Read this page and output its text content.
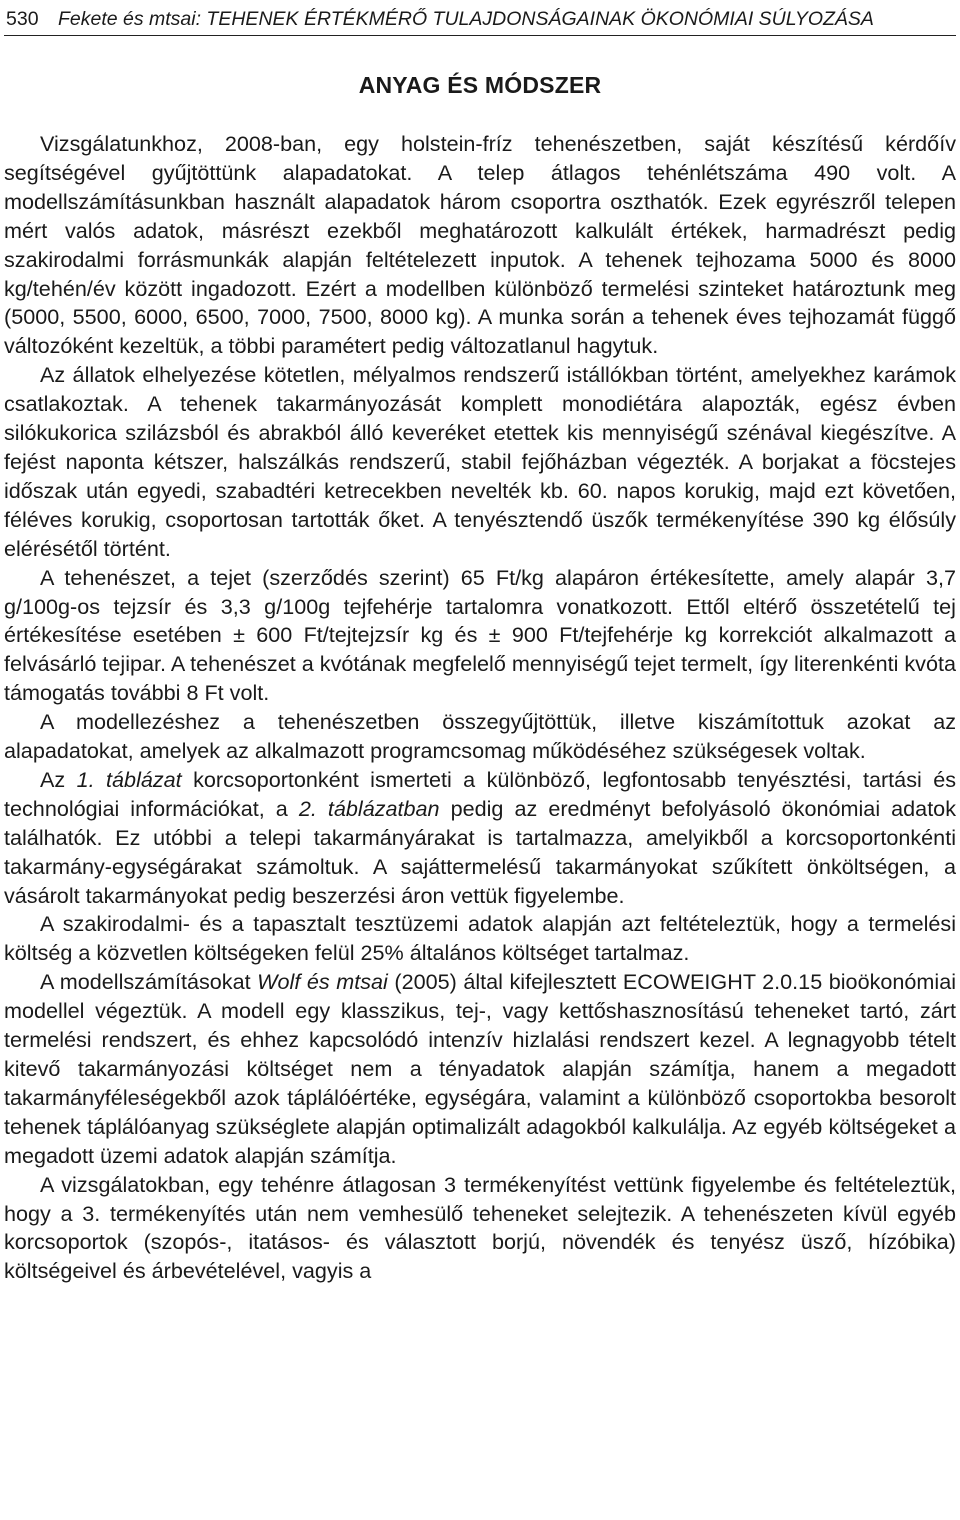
530 Fekete és mtsai: TEHENEK ÉRTÉKMÉRŐ TULAJDONSÁGAINAK ÖKONÓMIAI SÚLYOZÁSA
ANYAG ÉS MÓDSZER

Vizsgálatunkhoz, 2008-ban, egy holstein-fríz tehenészetben, saját készítésű kérdőív segítségével gyűjtöttünk alapadatokat. A telep átlagos tehénlétszáma 490 volt. A modellszámításunkban használt alapadatok három csoportra oszthatók. Ezek egyrészről telepen mért valós adatok, másrészt ezekből meghatározott kalkulált értékek, harmadrészt pedig szakirodalmi forrásmunkák alapján feltételezett inputok. A tehenek tejhozama 5000 és 8000 kg/tehén/év között ingadozott. Ezért a modellben különböző termelési szinteket határoztunk meg (5000, 5500, 6000, 6500, 7000, 7500, 8000 kg). A munka során a tehenek éves tejhozamát függő változóként kezeltük, a többi paramétert pedig változatlanul hagytuk.

Az állatok elhelyezése kötetlen, mélyalmos rendszerű istállókban történt, amelyekhez karámok csatlakoztak. A tehenek takarmányozását komplett monodiétára alapozták, egész évben silókukorica szilázsból és abrakból álló keveréket etettek kis mennyiségű szénával kiegészítve. A fejést naponta kétszer, halszálkás rendszerű, stabil fejőházban végezték. A borjakat a föcstejes időszak után egyedi, szabadtéri ketrecekben nevelték kb. 60. napos korukig, majd ezt követően, féléves korukig, csoportosan tartották őket. A tenyésztendő üszők termékenyítése 390 kg élősúly elérésétől történt.

A tehenészet, a tejet (szerződés szerint) 65 Ft/kg alapáron értékesítette, amely alapár 3,7 g/100g-os tejzsír és 3,3 g/100g tejfehérje tartalomra vonatkozott. Ettől eltérő összetételű tej értékesítése esetében ± 600 Ft/tejtejzsír kg és ± 900 Ft/tejfehérje kg korrekciót alkalmazott a felvásárló tejipar. A tehenészet a kvótának megfelelő mennyiségű tejet termelt, így literenkénti kvóta támogatás további 8 Ft volt.

A modellezéshez a tehenészetben összegyűjtöttük, illetve kiszámítottuk azokat az alapadatokat, amelyek az alkalmazott programcsomag működéséhez szükségesek voltak.

Az 1. táblázat korcsoportonként ismerteti a különböző, legfontosabb tenyésztési, tartási és technológiai információkat, a 2. táblázatban pedig az eredményt befolyásoló ökonómiai adatok találhatók. Ez utóbbi a telepi takarmányárakat is tartalmazza, amelyikből a korcsoportonkénti takarmány-egységárakat számoltuk. A sajáttermelésű takarmányokat szűkített önköltségen, a vásárolt takarmányokat pedig beszerzési áron vettük figyelembe.

A szakirodalmi- és a tapasztalt tesztüzemi adatok alapján azt feltételeztük, hogy a termelési költség a közvetlen költségeken felül 25% általános költséget tartalmaz.

A modellszámításokat Wolf és mtsai (2005) által kifejlesztett ECOWEIGHT 2.0.15 bioökonómiai modellel végeztük. A modell egy klasszikus, tej-, vagy kettőshasznosítású teheneket tartó, zárt termelési rendszert, és ehhez kapcsolódó intenzív hizlalási rendszert kezel. A legnagyobb tételt kitevő takarmányozási költséget nem a tényadatok alapján számítja, hanem a megadott takarmányféleségekből azok táplálóértéke, egységára, valamint a különböző csoportokba besorolt tehenek táplálóanyag szükséglete alapján optimalizált adagokból kalkulálja. Az egyéb költségeket a megadott üzemi adatok alapján számítja.

A vizsgálatokban, egy tehénre átlagosan 3 termékenyítést vettünk figyelembe és feltételeztük, hogy a 3. termékenyítés után nem vemhesülő teheneket selejtezik. A tehenészeten kívül egyéb korcsoportok (szopós-, itatásos- és választott borjú, növendék és tenyész üsző, hízóbika) költségeivel és árbevételével, vagyis a
